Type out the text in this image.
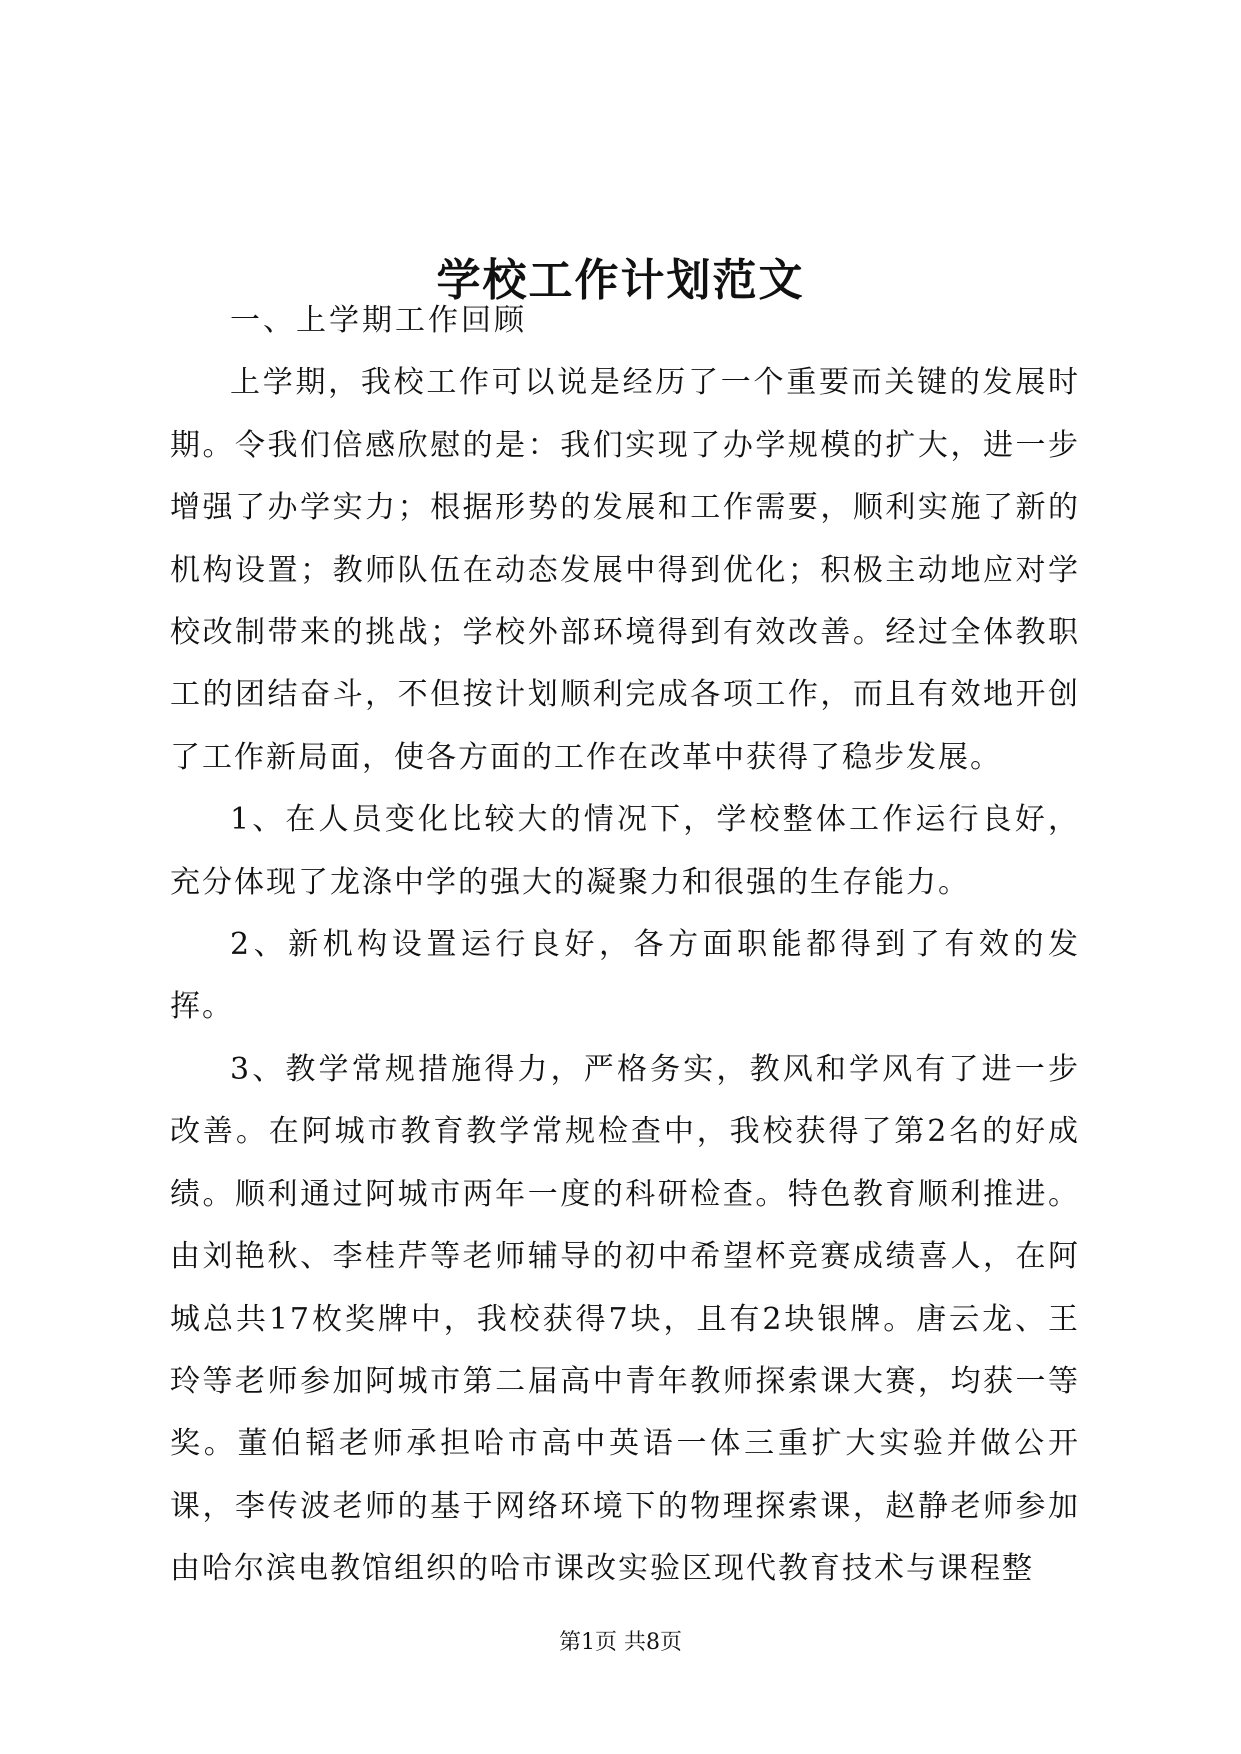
学校工作计划范文

一、上学期工作回顾

上学期，我校工作可以说是经历了一个重要而关键的发展时期。令我们倍感欣慰的是：我们实现了办学规模的扩大，进一步增强了办学实力；根据形势的发展和工作需要，顺利实施了新的机构设置；教师队伍在动态发展中得到优化；积极主动地应对学校改制带来的挑战；学校外部环境得到有效改善。经过全体教职工的团结奋斗，不但按计划顺利完成各项工作，而且有效地开创了工作新局面，使各方面的工作在改革中获得了稳步发展。

1、在人员变化比较大的情况下，学校整体工作运行良好，充分体现了龙涤中学的强大的凝聚力和很强的生存能力。

2、新机构设置运行良好，各方面职能都得到了有效的发挥。

3、教学常规措施得力，严格务实，教风和学风有了进一步改善。在阿城市教育教学常规检查中，我校获得了第2名的好成绩。顺利通过阿城市两年一度的科研检查。特色教育顺利推进。由刘艳秋、李桂芹等老师辅导的初中希望杯竞赛成绩喜人，在阿城总共17枚奖牌中，我校获得7块，且有2块银牌。唐云龙、王玲等老师参加阿城市第二届高中青年教师探索课大赛，均获一等奖。董伯韬老师承担哈市高中英语一体三重扩大实验并做公开课，李传波老师的基于网络环境下的物理探索课，赵静老师参加由哈尔滨电教馆组织的哈市课改实验区现代教育技术与课程整

第1页 共8页
